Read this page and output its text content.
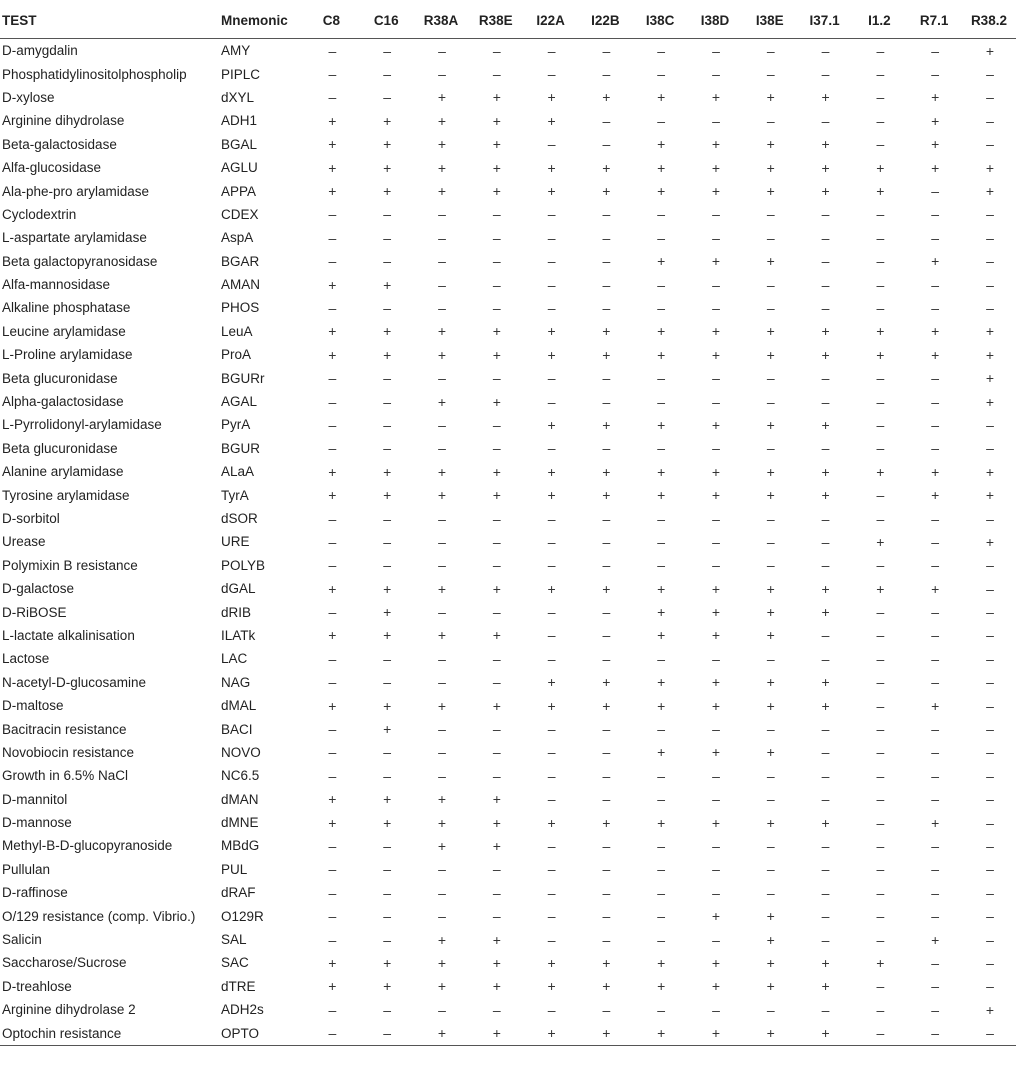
TEST	Mnemonic	C8	C16	R38A	R38E	I22A	I22B	I38C	I38D	I38E	I37.1	I1.2	R7.1	R38.2
D-amygdalin	AMY	–	–	–	–	–	–	–	–	–	–	–	–	+
Phosphatidylinositolphospholip	PIPLC	–	–	–	–	–	–	–	–	–	–	–	–	–
D-xylose	dXYL	–	–	+	+	+	+	+	+	+	+	–	+	–
Arginine dihydrolase	ADH1	+	+	+	+	+	–	–	–	–	–	–	+	–
Beta-galactosidase	BGAL	+	+	+	+	–	–	+	+	+	+	–	+	–
Alfa-glucosidase	AGLU	+	+	+	+	+	+	+	+	+	+	+	+	+
Ala-phe-pro arylamidase	APPA	+	+	+	+	+	+	+	+	+	+	+	–	+
Cyclodextrin	CDEX	–	–	–	–	–	–	–	–	–	–	–	–	–
L-aspartate arylamidase	AspA	–	–	–	–	–	–	–	–	–	–	–	–	–
Beta galactopyranosidase	BGAR	–	–	–	–	–	–	+	+	+	–	–	+	–
Alfa-mannosidase	AMAN	+	+	–	–	–	–	–	–	–	–	–	–	–
Alkaline phosphatase	PHOS	–	–	–	–	–	–	–	–	–	–	–	–	–
Leucine arylamidase	LeuA	+	+	+	+	+	+	+	+	+	+	+	+	+
L-Proline arylamidase	ProA	+	+	+	+	+	+	+	+	+	+	+	+	+
Beta glucuronidase	BGURr	–	–	–	–	–	–	–	–	–	–	–	–	+
Alpha-galactosidase	AGAL	–	–	+	+	–	–	–	–	–	–	–	–	+
L-Pyrrolidonyl-arylamidase	PyrA	–	–	–	–	+	+	+	+	+	+	–	–	–
Beta glucuronidase	BGUR	–	–	–	–	–	–	–	–	–	–	–	–	–
Alanine arylamidase	ALaA	+	+	+	+	+	+	+	+	+	+	+	+	+
Tyrosine arylamidase	TyrA	+	+	+	+	+	+	+	+	+	+	–	+	+
D-sorbitol	dSOR	–	–	–	–	–	–	–	–	–	–	–	–	–
Urease	URE	–	–	–	–	–	–	–	–	–	–	+	–	+
Polymixin B resistance	POLYB	–	–	–	–	–	–	–	–	–	–	–	–	–
D-galactose	dGAL	+	+	+	+	+	+	+	+	+	+	+	+	–
D-RiBOSE	dRIB	–	+	–	–	–	–	+	+	+	+	–	–	–
L-lactate alkalinisation	ILATk	+	+	+	+	–	–	+	+	+	–	–	–	–
Lactose	LAC	–	–	–	–	–	–	–	–	–	–	–	–	–
N-acetyl-D-glucosamine	NAG	–	–	–	–	+	+	+	+	+	+	–	–	–
D-maltose	dMAL	+	+	+	+	+	+	+	+	+	+	–	+	–
Bacitracin resistance	BACI	–	+	–	–	–	–	–	–	–	–	–	–	–
Novobiocin resistance	NOVO	–	–	–	–	–	–	+	+	+	–	–	–	–
Growth in 6.5% NaCl	NC6.5	–	–	–	–	–	–	–	–	–	–	–	–	–
D-mannitol	dMAN	+	+	+	+	–	–	–	–	–	–	–	–	–
D-mannose	dMNE	+	+	+	+	+	+	+	+	+	+	–	+	–
Methyl-B-D-glucopyranoside	MBdG	–	–	+	+	–	–	–	–	–	–	–	–	–
Pullulan	PUL	–	–	–	–	–	–	–	–	–	–	–	–	–
D-raffinose	dRAF	–	–	–	–	–	–	–	–	–	–	–	–	–
O/129 resistance (comp. Vibrio.)	O129R	–	–	–	–	–	–	–	+	+	–	–	–	–
Salicin	SAL	–	–	+	+	–	–	–	–	+	–	–	+	–
Saccharose/Sucrose	SAC	+	+	+	+	+	+	+	+	+	+	+	–	–
D-treahlose	dTRE	+	+	+	+	+	+	+	+	+	+	–	–	–
Arginine dihydrolase 2	ADH2s	–	–	–	–	–	–	–	–	–	–	–	–	+
Optochin resistance	OPTO	–	–	+	+	+	+	+	+	+	+	–	–	–
